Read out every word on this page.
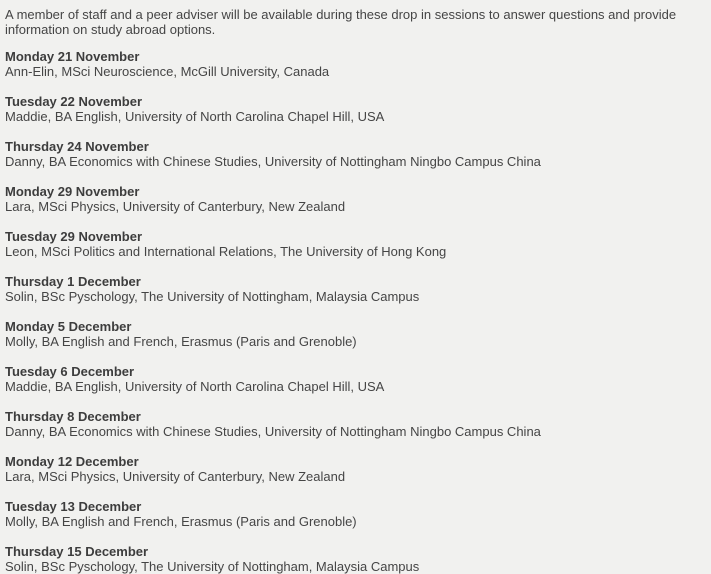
A member of staff and a peer adviser will be available during these drop in sessions to answer questions and provide information on study abroad options.

Monday 21 November
Ann-Elin, MSci Neuroscience, McGill University, Canada
Tuesday 22 November
Maddie, BA English, University of North Carolina Chapel Hill, USA
Thursday 24 November
Danny, BA Economics with Chinese Studies, University of Nottingham Ningbo Campus China
Monday 29 November
Lara, MSci Physics, University of Canterbury, New Zealand
Tuesday 29 November
Leon, MSci Politics and International Relations, The University of Hong Kong
Thursday 1 December
Solin, BSc Pyschology, The University of Nottingham, Malaysia Campus
Monday 5 December
Molly, BA English and French, Erasmus (Paris and Grenoble)
Tuesday 6 December
Maddie, BA English, University of North Carolina Chapel Hill, USA
Thursday 8 December
Danny, BA Economics with Chinese Studies, University of Nottingham Ningbo Campus China
Monday 12 December
Lara, MSci Physics, University of Canterbury, New Zealand
Tuesday 13 December
Molly, BA English and French, Erasmus (Paris and Grenoble)
Thursday 15 December
Solin, BSc Pyschology, The University of Nottingham, Malaysia Campus
